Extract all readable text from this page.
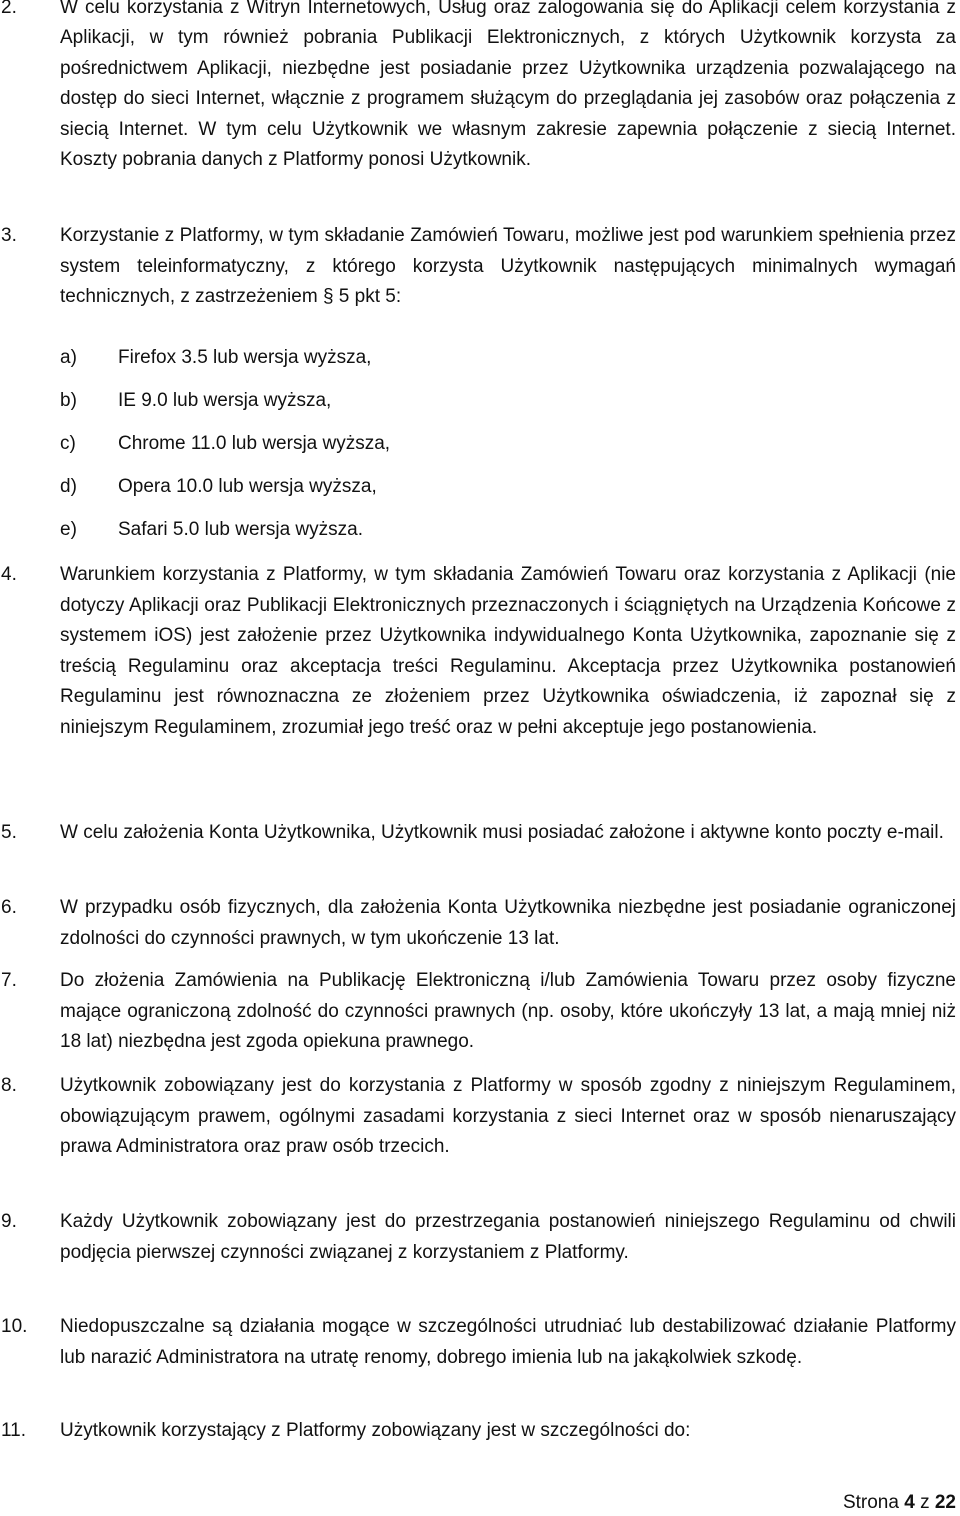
2. W celu korzystania z Witryn Internetowych, Usług oraz zalogowania się do Aplikacji celem korzystania z Aplikacji, w tym również pobrania Publikacji Elektronicznych, z których Użytkownik korzysta za pośrednictwem Aplikacji, niezbędne jest posiadanie przez Użytkownika urządzenia pozwalającego na dostęp do sieci Internet, włącznie z programem służącym do przeglądania jej zasobów oraz połączenia z siecią Internet. W tym celu Użytkownik we własnym zakresie zapewnia połączenie z siecią Internet. Koszty pobrania danych z Platformy ponosi Użytkownik.
3. Korzystanie z Platformy, w tym składanie Zamówień Towaru, możliwe jest pod warunkiem spełnienia przez system teleinformatyczny, z którego korzysta Użytkownik następujących minimalnych wymagań technicznych, z zastrzeżeniem § 5 pkt 5:
a) Firefox 3.5 lub wersja wyższa,
b) IE 9.0 lub wersja wyższa,
c) Chrome 11.0 lub wersja wyższa,
d) Opera 10.0 lub wersja wyższa,
e) Safari 5.0 lub wersja wyższa.
4. Warunkiem korzystania z Platformy, w tym składania Zamówień Towaru oraz korzystania z Aplikacji (nie dotyczy Aplikacji oraz Publikacji Elektronicznych przeznaczonych i ściągniętych na Urządzenia Końcowe z systemem iOS) jest założenie przez Użytkownika indywidualnego Konta Użytkownika, zapoznanie się z treścią Regulaminu oraz akceptacja treści Regulaminu. Akceptacja przez Użytkownika postanowień Regulaminu jest równoznaczna ze złożeniem przez Użytkownika oświadczenia, iż zapoznał się z niniejszym Regulaminem, zrozumiał jego treść oraz w pełni akceptuje jego postanowienia.
5. W celu założenia Konta Użytkownika, Użytkownik musi posiadać założone i aktywne konto poczty e-mail.
6. W przypadku osób fizycznych, dla założenia Konta Użytkownika niezbędne jest posiadanie ograniczonej zdolności do czynności prawnych, w tym ukończenie 13 lat.
7. Do złożenia Zamówienia na Publikację Elektroniczną i/lub Zamówienia Towaru przez osoby fizyczne mające ograniczoną zdolność do czynności prawnych (np. osoby, które ukończyły 13 lat, a mają mniej niż 18 lat) niezbędna jest zgoda opiekuna prawnego.
8. Użytkownik zobowiązany jest do korzystania z Platformy w sposób zgodny z niniejszym Regulaminem, obowiązującym prawem, ogólnymi zasadami korzystania z sieci Internet oraz w sposób nienaruszający prawa Administratora oraz praw osób trzecich.
9. Każdy Użytkownik zobowiązany jest do przestrzegania postanowień niniejszego Regulaminu od chwili podjęcia pierwszej czynności związanej z korzystaniem z Platformy.
10. Niedopuszczalne są działania mogące w szczególności utrudniać lub destabilizować działanie Platformy lub narazić Administratora na utratę renomy, dobrego imienia lub na jakąkolwiek szkodę.
11. Użytkownik korzystający z Platformy zobowiązany jest w szczególności do:
Strona 4 z 22
